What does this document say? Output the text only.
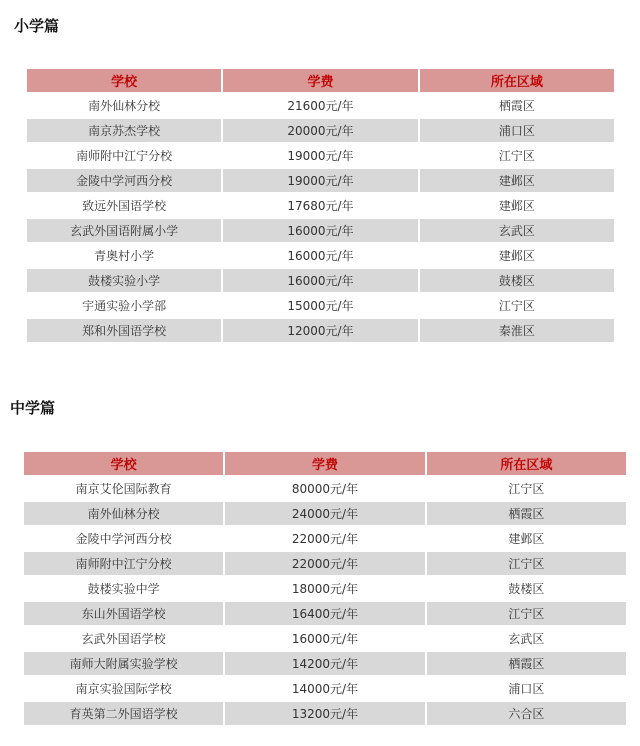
小学篇
学校	学费	所在区域
南外仙林分校	21600元/年	栖霞区
南京苏杰学校	20000元/年	浦口区
南师附中江宁分校	19000元/年	江宁区
金陵中学河西分校	19000元/年	建邺区
致远外国语学校	17680元/年	建邺区
玄武外国语附属小学	16000元/年	玄武区
青奥村小学	16000元/年	建邺区
鼓楼实验小学	16000元/年	鼓楼区
宇通实验小学部	15000元/年	江宁区
郑和外国语学校	12000元/年	秦淮区
中学篇
学校	学费	所在区域
南京艾伦国际教育	80000元/年	江宁区
南外仙林分校	24000元/年	栖霞区
金陵中学河西分校	22000元/年	建邺区
南师附中江宁分校	22000元/年	江宁区
鼓楼实验中学	18000元/年	鼓楼区
东山外国语学校	16400元/年	江宁区
玄武外国语学校	16000元/年	玄武区
南师大附属实验学校	14200元/年	栖霞区
南京实验国际学校	14000元/年	浦口区
育英第二外国语学校	13200元/年	六合区
